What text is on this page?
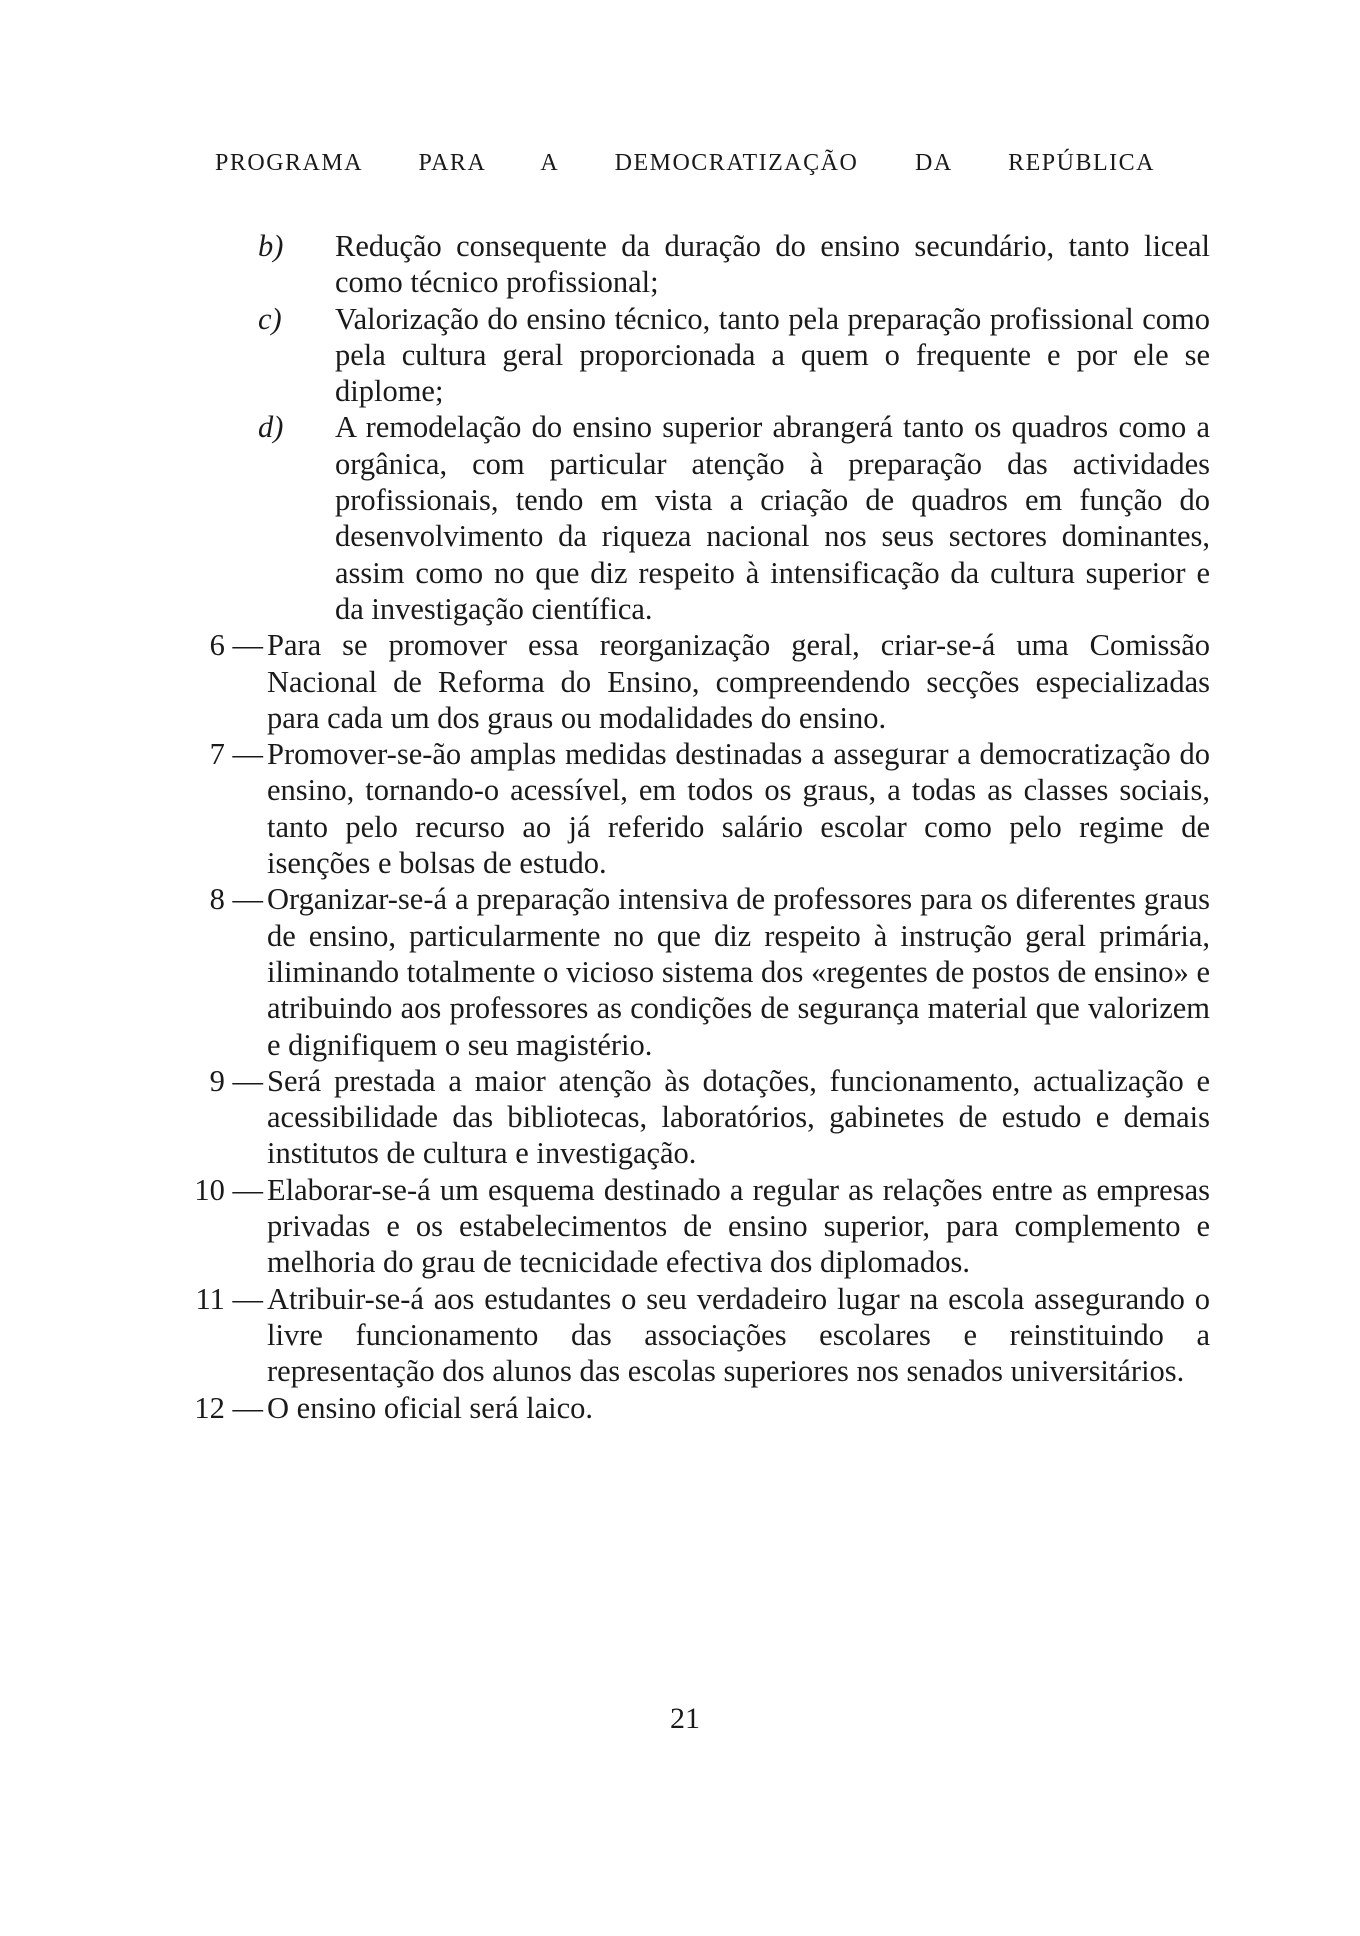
PROGRAMA PARA A DEMOCRATIZAÇÃO DA REPÚBLICA
b) Redução consequente da duração do ensino secundário, tanto liceal como técnico profissional;
c) Valorização do ensino técnico, tanto pela preparação profissional como pela cultura geral proporcionada a quem o frequente e por ele se diplome;
d) A remodelação do ensino superior abrangerá tanto os quadros como a orgânica, com particular atenção à preparação das actividades profissionais, tendo em vista a criação de quadros em função do desenvolvimento da riqueza nacional nos seus sectores dominantes, assim como no que diz respeito à intensificação da cultura superior e da investigação científica.
6 — Para se promover essa reorganização geral, criar-se-á uma Comissão Nacional de Reforma do Ensino, compreendendo secções especializadas para cada um dos graus ou modalidades do ensino.
7 — Promover-se-ão amplas medidas destinadas a assegurar a democratização do ensino, tornando-o acessível, em todos os graus, a todas as classes sociais, tanto pelo recurso ao já referido salário escolar como pelo regime de isenções e bolsas de estudo.
8 — Organizar-se-á a preparação intensiva de professores para os diferentes graus de ensino, particularmente no que diz respeito à instrução geral primária, iliminando totalmente o vicioso sistema dos «regentes de postos de ensino» e atribuindo aos professores as condições de segurança material que valorizem e dignifiquem o seu magistério.
9 — Será prestada a maior atenção às dotações, funcionamento, actualização e acessibilidade das bibliotecas, laboratórios, gabinetes de estudo e demais institutos de cultura e investigação.
10 — Elaborar-se-á um esquema destinado a regular as relações entre as empresas privadas e os estabelecimentos de ensino superior, para complemento e melhoria do grau de tecnicidade efectiva dos diplomados.
11 — Atribuir-se-á aos estudantes o seu verdadeiro lugar na escola assegurando o livre funcionamento das associações escolares e reinstituindo a representação dos alunos das escolas superiores nos senados universitários.
12 — O ensino oficial será laico.
21
